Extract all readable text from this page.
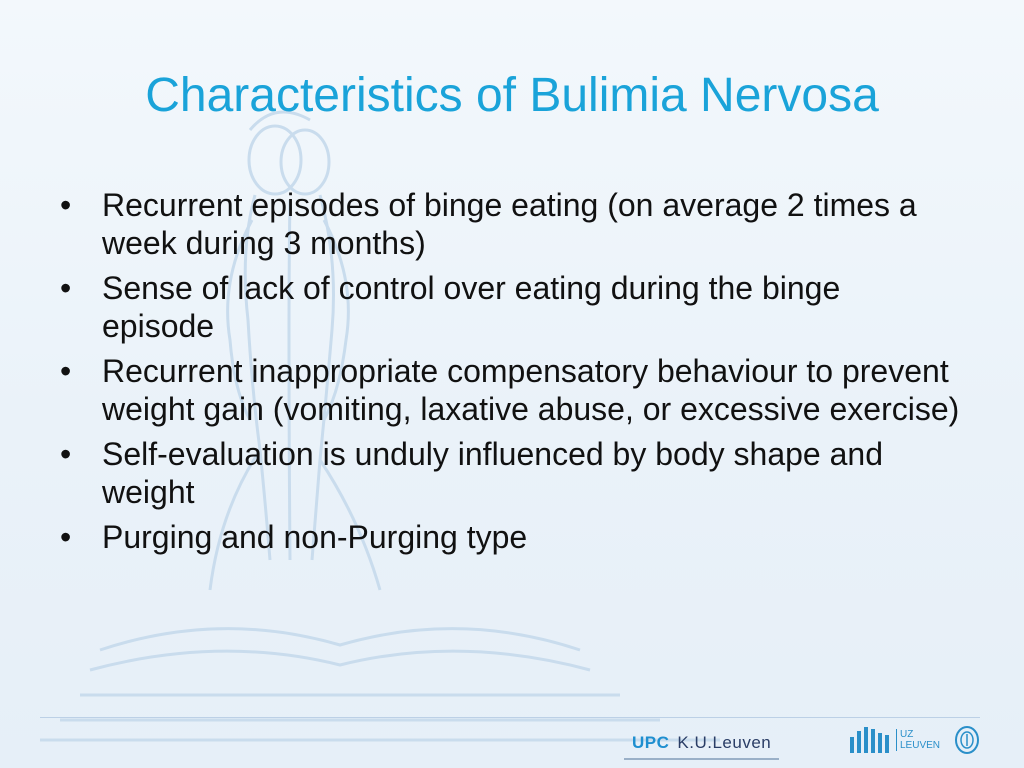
Characteristics of Bulimia Nervosa
• Recurrent episodes of binge eating (on average 2 times a week during 3 months)
• Sense of lack of control over eating during the binge episode
• Recurrent inappropriate compensatory behaviour to prevent weight gain (vomiting, laxative abuse, or excessive exercise)
• Self-evaluation is unduly influenced by body shape and weight
• Purging and non-Purging type
UPC K.U.Leuven	UZ
LEUVEN
